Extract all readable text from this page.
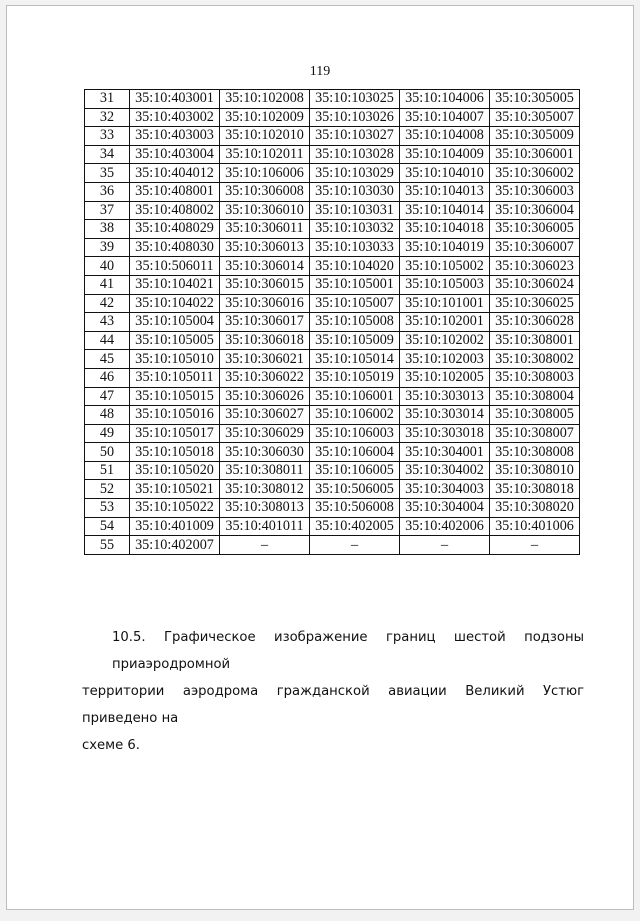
119
31	35:10:403001	35:10:102008	35:10:103025	35:10:104006	35:10:305005
32	35:10:403002	35:10:102009	35:10:103026	35:10:104007	35:10:305007
33	35:10:403003	35:10:102010	35:10:103027	35:10:104008	35:10:305009
34	35:10:403004	35:10:102011	35:10:103028	35:10:104009	35:10:306001
35	35:10:404012	35:10:106006	35:10:103029	35:10:104010	35:10:306002
36	35:10:408001	35:10:306008	35:10:103030	35:10:104013	35:10:306003
37	35:10:408002	35:10:306010	35:10:103031	35:10:104014	35:10:306004
38	35:10:408029	35:10:306011	35:10:103032	35:10:104018	35:10:306005
39	35:10:408030	35:10:306013	35:10:103033	35:10:104019	35:10:306007
40	35:10:506011	35:10:306014	35:10:104020	35:10:105002	35:10:306023
41	35:10:104021	35:10:306015	35:10:105001	35:10:105003	35:10:306024
42	35:10:104022	35:10:306016	35:10:105007	35:10:101001	35:10:306025
43	35:10:105004	35:10:306017	35:10:105008	35:10:102001	35:10:306028
44	35:10:105005	35:10:306018	35:10:105009	35:10:102002	35:10:308001
45	35:10:105010	35:10:306021	35:10:105014	35:10:102003	35:10:308002
46	35:10:105011	35:10:306022	35:10:105019	35:10:102005	35:10:308003
47	35:10:105015	35:10:306026	35:10:106001	35:10:303013	35:10:308004
48	35:10:105016	35:10:306027	35:10:106002	35:10:303014	35:10:308005
49	35:10:105017	35:10:306029	35:10:106003	35:10:303018	35:10:308007
50	35:10:105018	35:10:306030	35:10:106004	35:10:304001	35:10:308008
51	35:10:105020	35:10:308011	35:10:106005	35:10:304002	35:10:308010
52	35:10:105021	35:10:308012	35:10:506005	35:10:304003	35:10:308018
53	35:10:105022	35:10:308013	35:10:506008	35:10:304004	35:10:308020
54	35:10:401009	35:10:401011	35:10:402005	35:10:402006	35:10:401006
55	35:10:402007	–	–	–	–
10.5. Графическое изображение границ шестой подзоны приаэродромной
территории аэродрома гражданской авиации Великий Устюг приведено на
схеме 6.
